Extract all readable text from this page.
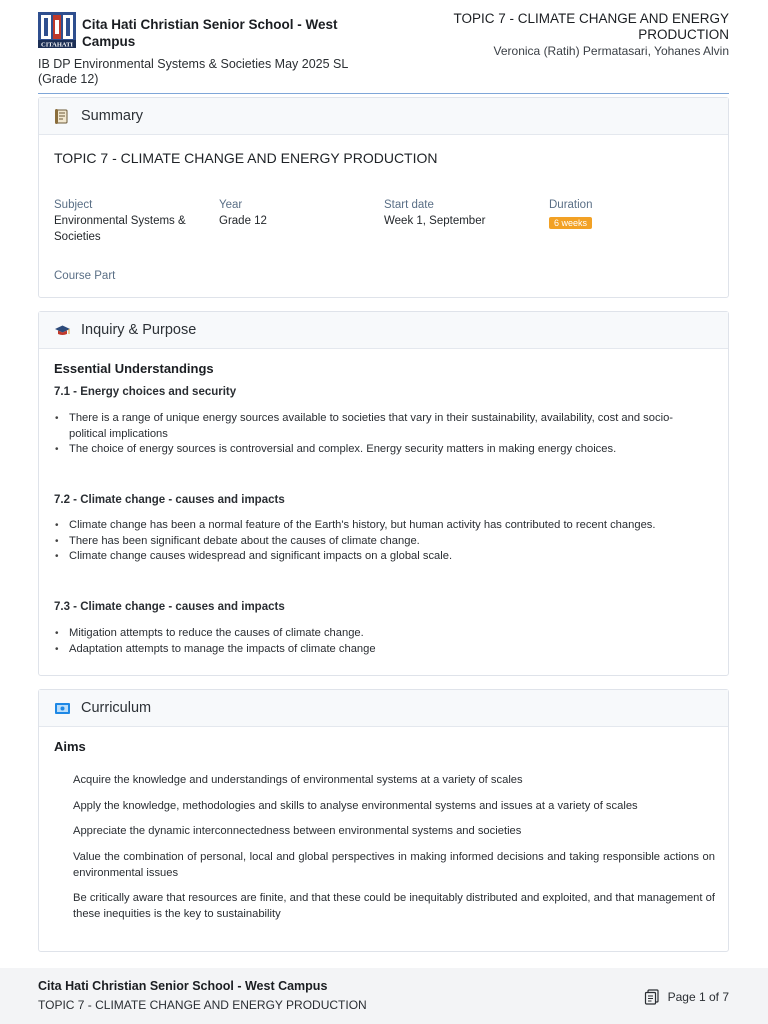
CITAHATI
Cita Hati Christian Senior School - West Campus
IB DP Environmental Systems & Societies May 2025 SL (Grade 12)
TOPIC 7 - CLIMATE CHANGE AND ENERGY PRODUCTION
Veronica (Ratih) Permatasari, Yohanes Alvin
Summary
TOPIC 7 - CLIMATE CHANGE AND ENERGY PRODUCTION
Subject
Environmental Systems & Societies
Year
Grade 12
Start date
Week 1, September
Duration
6 weeks
Course Part
Inquiry & Purpose
Essential Understandings
7.1 - Energy choices and security
• There is a range of unique energy sources available to societies that vary in their sustainability, availability, cost and socio-political implications
• The choice of energy sources is controversial and complex. Energy security matters in making energy choices.
7.2 - Climate change - causes and impacts
• Climate change has been a normal feature of the Earth's history, but human activity has contributed to recent changes.
• There has been significant debate about the causes of climate change.
• Climate change causes widespread and significant impacts on a global scale.
7.3 - Climate change - causes and impacts
• Mitigation attempts to reduce the causes of climate change.
• Adaptation attempts to manage the impacts of climate change
Curriculum
Aims
Acquire the knowledge and understandings of environmental systems at a variety of scales
Apply the knowledge, methodologies and skills to analyse environmental systems and issues at a variety of scales
Appreciate the dynamic interconnectedness between environmental systems and societies
Value the combination of personal, local and global perspectives in making informed decisions and taking responsible actions on environmental issues
Be critically aware that resources are finite, and that these could be inequitably distributed and exploited, and that management of these inequities is the key to sustainability
Cita Hati Christian Senior School - West Campus
TOPIC 7 - CLIMATE CHANGE AND ENERGY PRODUCTION
Page 1 of 7
